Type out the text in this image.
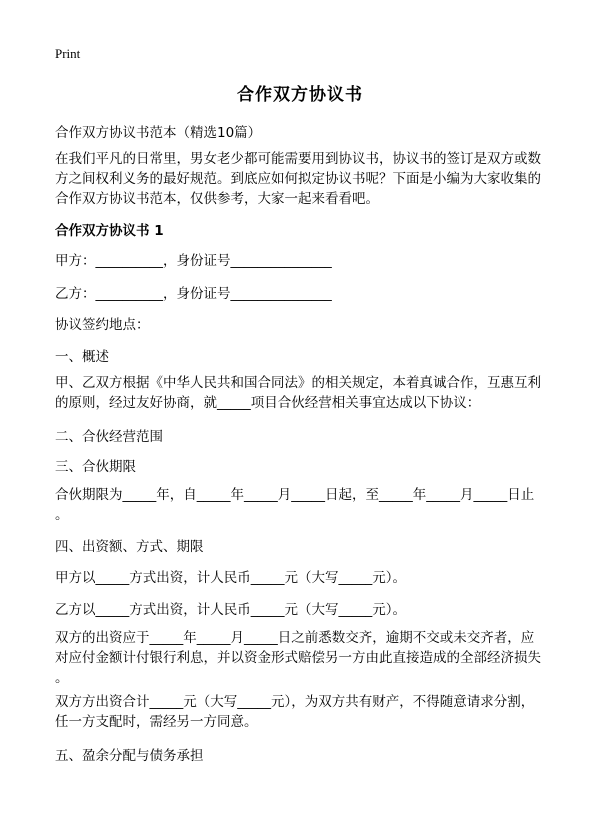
Print
合作双方协议书
合作双方协议书范本（精选10篇）
在我们平凡的日常里，男女老少都可能需要用到协议书，协议书的签订是双方或数
方之间权利义务的最好规范。到底应如何拟定协议书呢？下面是小编为大家收集的
合作双方协议书范本，仅供参考，大家一起来看看吧。
合作双方协议书 1
甲方：__________，身份证号_______________
乙方：__________，身份证号_______________
协议签约地点：
一、概述
甲、乙双方根据《中华人民共和国合同法》的相关规定，本着真诚合作，互惠互利
的原则，经过友好协商，就_____项目合伙经营相关事宜达成以下协议：
二、合伙经营范围
三、合伙期限
合伙期限为_____年，自_____年_____月_____日起，至_____年_____月_____日止
。
四、出资额、方式、期限
甲方以_____方式出资，计人民币_____元（大写_____元）。
乙方以_____方式出资，计人民币_____元（大写_____元）。
双方的出资应于_____年_____月_____日之前悉数交齐，逾期不交或未交齐者，应
对应付金额计付银行利息，并以资金形式赔偿另一方由此直接造成的全部经济损失
。
双方方出资合计_____元（大写_____元），为双方共有财产，不得随意请求分割，
任一方支配时，需经另一方同意。
五、盈余分配与债务承担
